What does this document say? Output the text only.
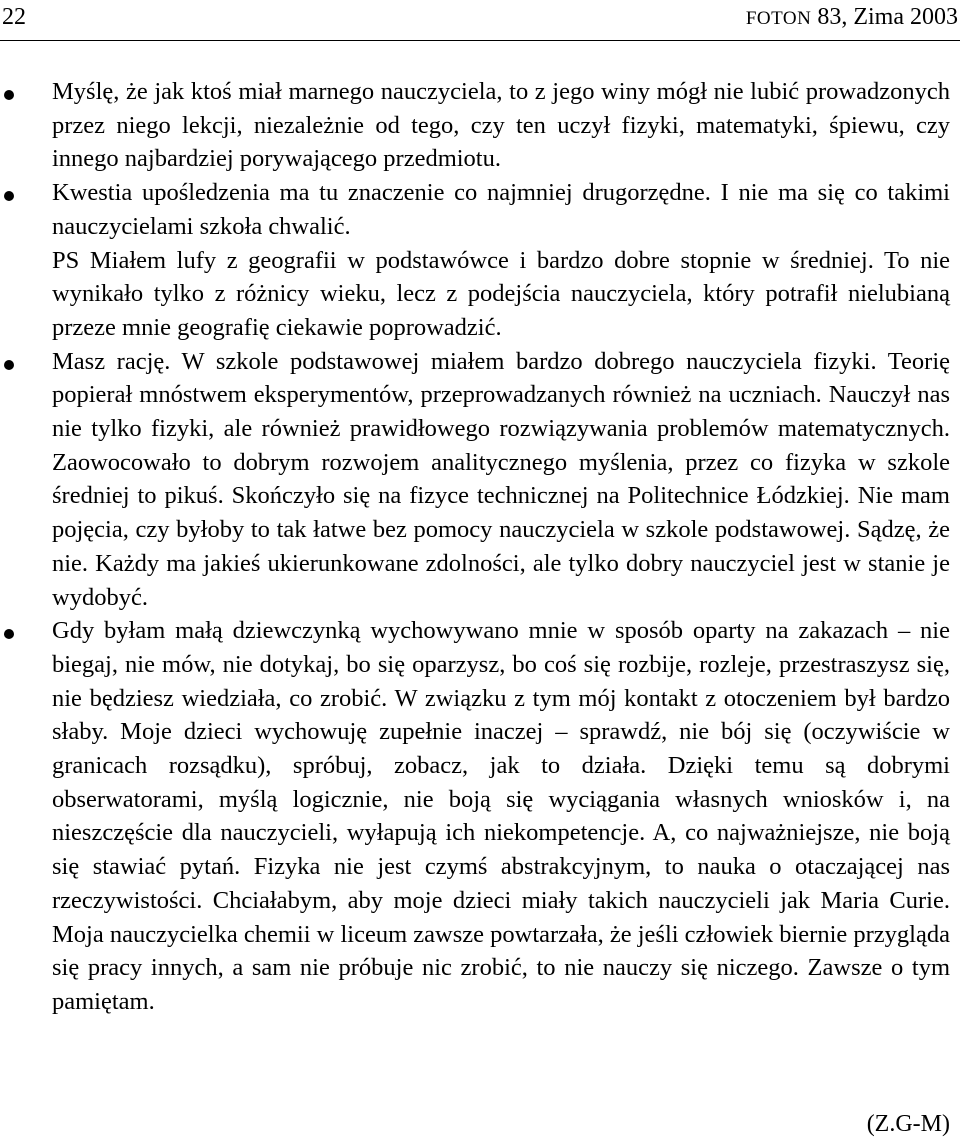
22	FOTON 83, Zima 2003

Myślę, że jak ktoś miał marnego nauczyciela, to z jego winy mógł nie lubić prowadzonych przez niego lekcji, niezależnie od tego, czy ten uczył fizyki, matematyki, śpiewu, czy innego najbardziej porywającego przedmiotu.

Kwestia upośledzenia ma tu znaczenie co najmniej drugorzędne. I nie ma się co takimi nauczycielami szkoła chwalić.

PS Miałem lufy z geografii w podstawówce i bardzo dobre stopnie w średniej. To nie wynikało tylko z różnicy wieku, lecz z podejścia nauczyciela, który potrafił nielubianą przeze mnie geografię ciekawie poprowadzić.

Masz rację. W szkole podstawowej miałem bardzo dobrego nauczyciela fizyki. Teorię popierał mnóstwem eksperymentów, przeprowadzanych również na uczniach. Nauczył nas nie tylko fizyki, ale również prawidłowego rozwiązywania problemów matematycznych. Zaowocowało to dobrym rozwojem analitycznego myślenia, przez co fizyka w szkole średniej to pikuś. Skończyło się na fizyce technicznej na Politechnice Łódzkiej. Nie mam pojęcia, czy byłoby to tak łatwe bez pomocy nauczyciela w szkole podstawowej. Sądzę, że nie. Każdy ma jakieś ukierunkowane zdolności, ale tylko dobry nauczyciel jest w stanie je wydobyć.

Gdy byłam małą dziewczynką wychowywano mnie w sposób oparty na zakazach – nie biegaj, nie mów, nie dotykaj, bo się oparzysz, bo coś się rozbije, rozleje, przestraszysz się, nie będziesz wiedziała, co zrobić. W związku z tym mój kontakt z otoczeniem był bardzo słaby. Moje dzieci wychowuję zupełnie inaczej – sprawdź, nie bój się (oczywiście w granicach rozsądku), spróbuj, zobacz, jak to działa. Dzięki temu są dobrymi obserwatorami, myślą logicznie, nie boją się wyciągania własnych wniosków i, na nieszczęście dla nauczycieli, wyłapują ich niekompetencje. A, co najważniejsze, nie boją się stawiać pytań. Fizyka nie jest czymś abstrakcyjnym, to nauka o otaczającej nas rzeczywistości. Chciałabym, aby moje dzieci miały takich nauczycieli jak Maria Curie. Moja nauczycielka chemii w liceum zawsze powtarzała, że jeśli człowiek biernie przygląda się pracy innych, a sam nie próbuje nic zrobić, to nie nauczy się niczego. Zawsze o tym pamiętam.

(Z.G-M)
